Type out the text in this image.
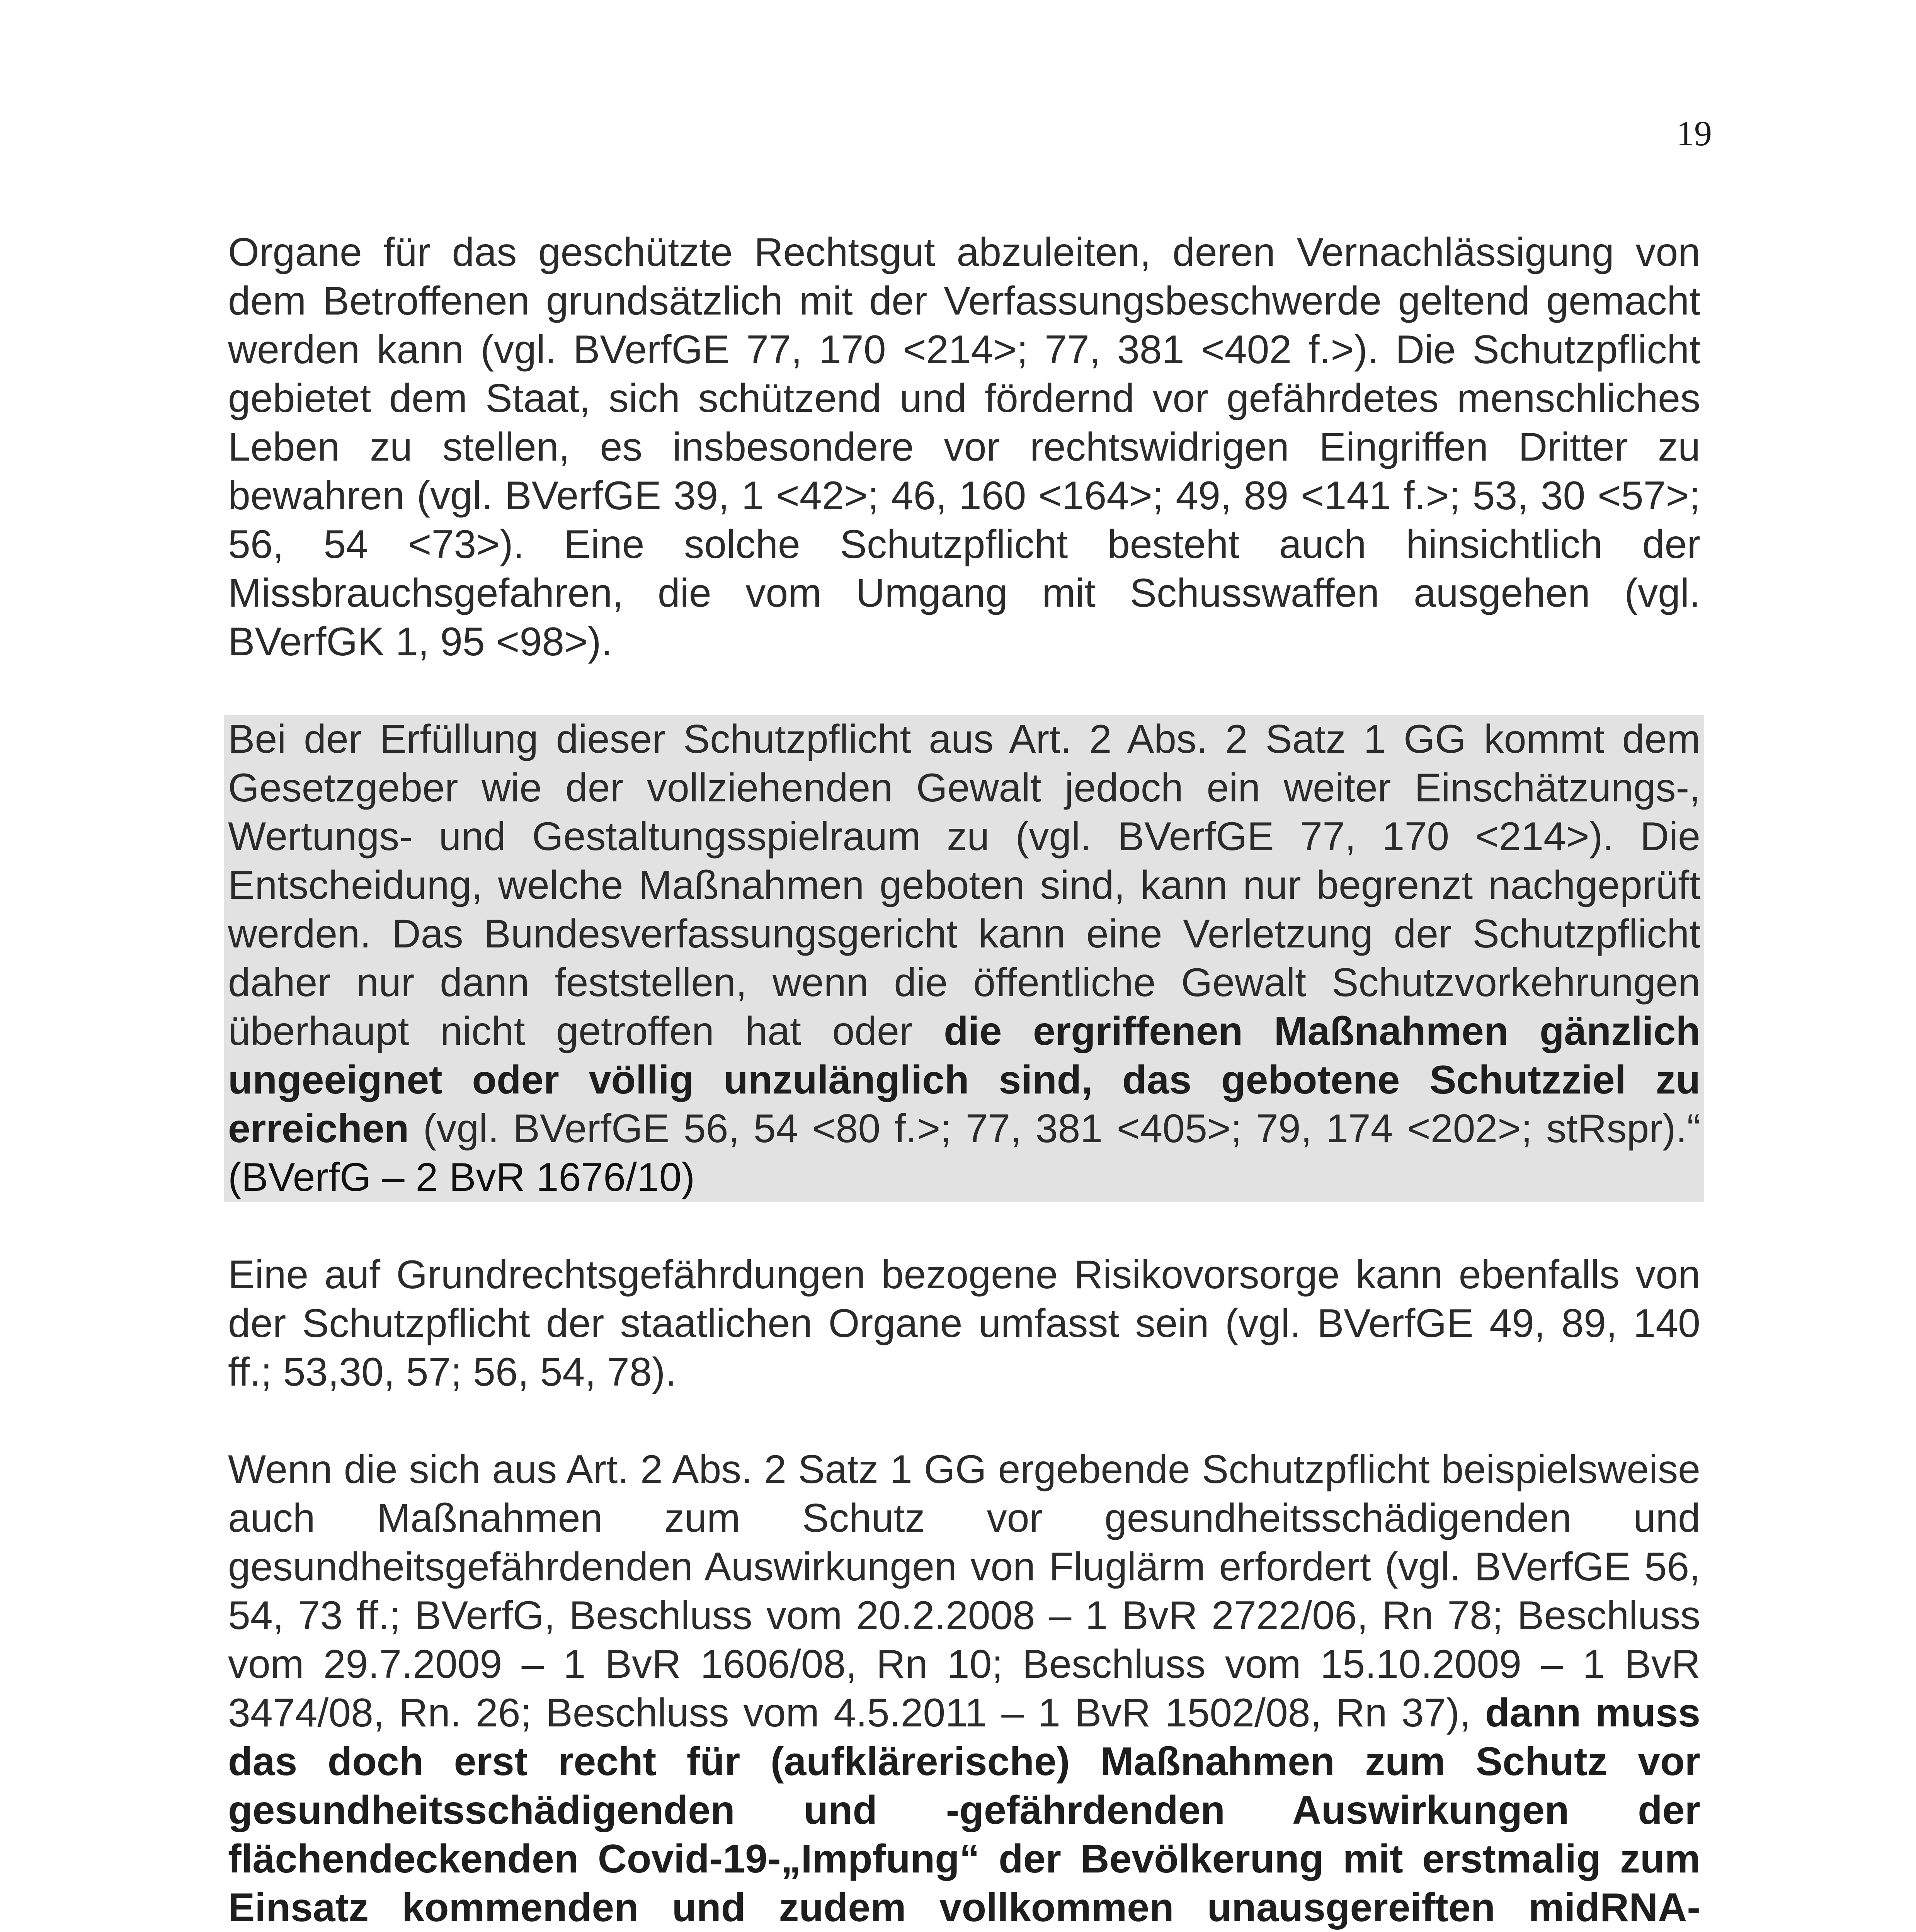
19

Organe für das geschützte Rechtsgut abzuleiten, deren Vernachlässigung von dem Betroffenen grundsätzlich mit der Verfassungsbeschwerde geltend gemacht werden kann (vgl. BVerfGE 77, 170 <214>; 77, 381 <402 f.>). Die Schutzpflicht gebietet dem Staat, sich schützend und fördernd vor gefährdetes menschliches Leben zu stellen, es insbesondere vor rechtswidrigen Eingriffen Dritter zu bewahren (vgl. BVerfGE 39, 1 <42>; 46, 160 <164>; 49, 89 <141 f.>; 53, 30 <57>; 56, 54 <73>). Eine solche Schutzpflicht besteht auch hinsichtlich der Missbrauchsgefahren, die vom Umgang mit Schusswaffen ausgehen (vgl. BVerfGK 1, 95 <98>).

Bei der Erfüllung dieser Schutzpflicht aus Art. 2 Abs. 2 Satz 1 GG kommt dem Gesetzgeber wie der vollziehenden Gewalt jedoch ein weiter Einschätzungs-, Wertungs- und Gestaltungsspielraum zu (vgl. BVerfGE 77, 170 <214>). Die Entscheidung, welche Maßnahmen geboten sind, kann nur begrenzt nachgeprüft werden. Das Bundesverfassungsgericht kann eine Verletzung der Schutzpflicht daher nur dann feststellen, wenn die öffentliche Gewalt Schutzvorkehrungen überhaupt nicht getroffen hat oder die ergriffenen Maßnahmen gänzlich ungeeignet oder völlig unzulänglich sind, das gebotene Schutzziel zu erreichen (vgl. BVerfGE 56, 54 <80 f.>; 77, 381 <405>; 79, 174 <202>; stRspr).“ (BVerfG – 2 BvR 1676/10)

Eine auf Grundrechtsgefährdungen bezogene Risikovorsorge kann ebenfalls von der Schutzpflicht der staatlichen Organe umfasst sein (vgl. BVerfGE 49, 89, 140 ff.; 53,30, 57; 56, 54, 78).

Wenn die sich aus Art. 2 Abs. 2 Satz 1 GG ergebende Schutzpflicht beispielsweise auch Maßnahmen zum Schutz vor gesundheitsschädigenden und gesundheitsgefährdenden Auswirkungen von Fluglärm erfordert (vgl. BVerfGE 56, 54, 73 ff.; BVerfG, Beschluss vom 20.2.2008 – 1 BvR 2722/06, Rn 78; Beschluss vom 29.7.2009 – 1 BvR 1606/08, Rn 10; Beschluss vom 15.10.2009 – 1 BvR 3474/08, Rn. 26; Beschluss vom 4.5.2011 – 1 BvR 1502/08, Rn 37), dann muss das doch erst recht für (aufklärerische) Maßnahmen zum Schutz vor gesundheitsschädigenden und -gefährdenden Auswirkungen der flächendeckenden Covid-19-„Impfung“ der Bevölkerung mit erstmalig zum Einsatz kommenden und zudem vollkommen unausgereiften midRNA-
